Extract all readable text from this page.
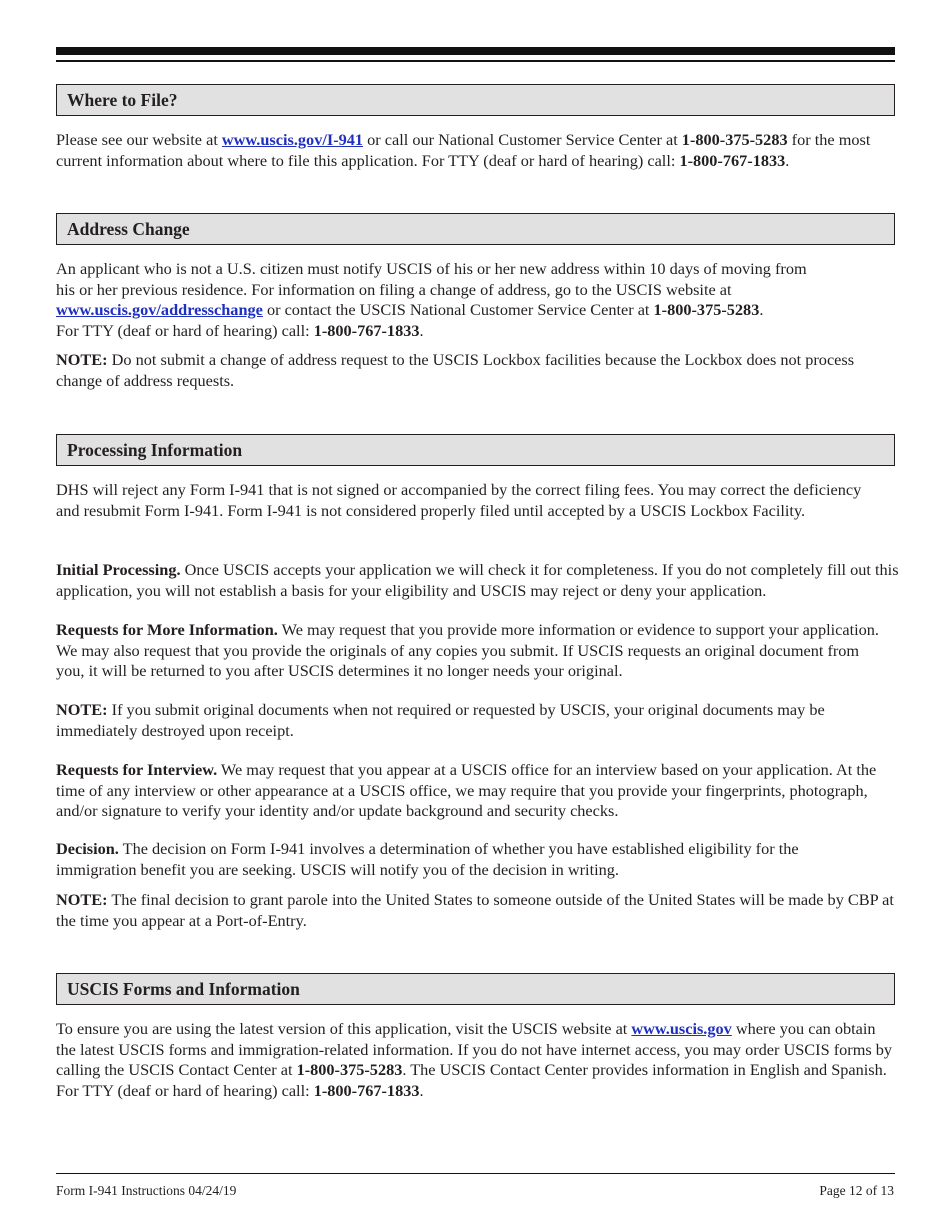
Where to File?

Please see our website at www.uscis.gov/I-941 or call our National Customer Service Center at 1-800-375-5283 for the most current information about where to file this application. For TTY (deaf or hard of hearing) call: 1-800-767-1833.

Address Change

An applicant who is not a U.S. citizen must notify USCIS of his or her new address within 10 days of moving from his or her previous residence. For information on filing a change of address, go to the USCIS website at www.uscis.gov/addresschange or contact the USCIS National Customer Service Center at 1-800-375-5283.
For TTY (deaf or hard of hearing) call: 1-800-767-1833.

NOTE: Do not submit a change of address request to the USCIS Lockbox facilities because the Lockbox does not process change of address requests.

Processing Information

DHS will reject any Form I-941 that is not signed or accompanied by the correct filing fees. You may correct the deficiency and resubmit Form I-941. Form I-941 is not considered properly filed until accepted by a USCIS Lockbox Facility.

Initial Processing. Once USCIS accepts your application we will check it for completeness. If you do not completely fill out this application, you will not establish a basis for your eligibility and USCIS may reject or deny your application.

Requests for More Information. We may request that you provide more information or evidence to support your application. We may also request that you provide the originals of any copies you submit. If USCIS requests an original document from you, it will be returned to you after USCIS determines it no longer needs your original.

NOTE: If you submit original documents when not required or requested by USCIS, your original documents may be immediately destroyed upon receipt.

Requests for Interview. We may request that you appear at a USCIS office for an interview based on your application. At the time of any interview or other appearance at a USCIS office, we may require that you provide your fingerprints, photograph, and/or signature to verify your identity and/or update background and security checks.

Decision. The decision on Form I-941 involves a determination of whether you have established eligibility for the immigration benefit you are seeking. USCIS will notify you of the decision in writing.

NOTE: The final decision to grant parole into the United States to someone outside of the United States will be made by CBP at the time you appear at a Port-of-Entry.

USCIS Forms and Information

To ensure you are using the latest version of this application, visit the USCIS website at www.uscis.gov where you can obtain the latest USCIS forms and immigration-related information. If you do not have internet access, you may order USCIS forms by calling the USCIS Contact Center at 1-800-375-5283. The USCIS Contact Center provides information in English and Spanish. For TTY (deaf or hard of hearing) call: 1-800-767-1833.

Form I-941 Instructions 04/24/19	Page 12 of 13
